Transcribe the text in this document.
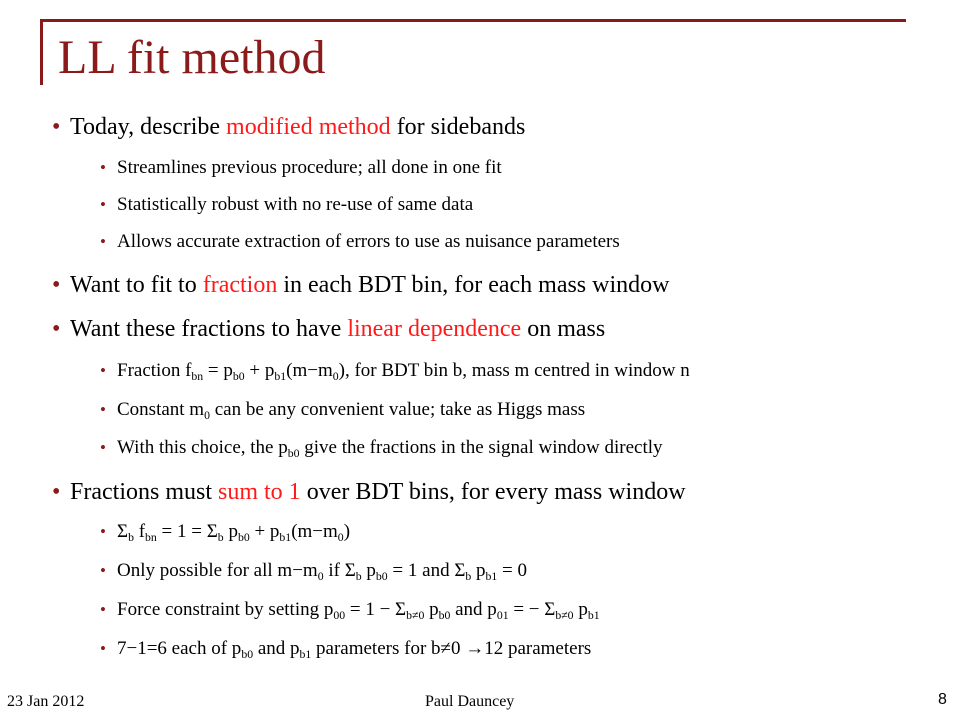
LL fit method
• Today, describe modified method for sidebands
• Streamlines previous procedure; all done in one fit
• Statistically robust with no re-use of same data
• Allows accurate extraction of errors to use as nuisance parameters
• Want to fit to fraction in each BDT bin, for each mass window
• Want these fractions to have linear dependence on mass
• Fraction $f_{bn} = p_{b0} + p_{b1}(m-m_0)$, for BDT bin b, mass m centred in window n
• Constant $m_0$ can be any convenient value; take as Higgs mass
• With this choice, the $p_{b0}$ give the fractions in the signal window directly
• Fractions must sum to 1 over BDT bins, for every mass window
• $\Sigma_b$ $f_{bn} = 1 = \Sigma_b$ $p_{b0} + p_{b1}(m-m_0)$
• Only possible for all $m-m_0$ if $\Sigma_b$ $p_{b0} = 1$ and $\Sigma_b$ $p_{b1} = 0$
• Force constraint by setting $p_{00} = 1 - \Sigma_{b\ne 0}$ $p_{b0}$ and $p_{01}$ = − $\Sigma_{b\ne 0}$ $p_{b1}$
• 7−1=6 each of $p_{b0}$ and $p_{b1}$ parameters for b≠0 →12 parameters
23 Jan 2012	Paul Dauncey	8
